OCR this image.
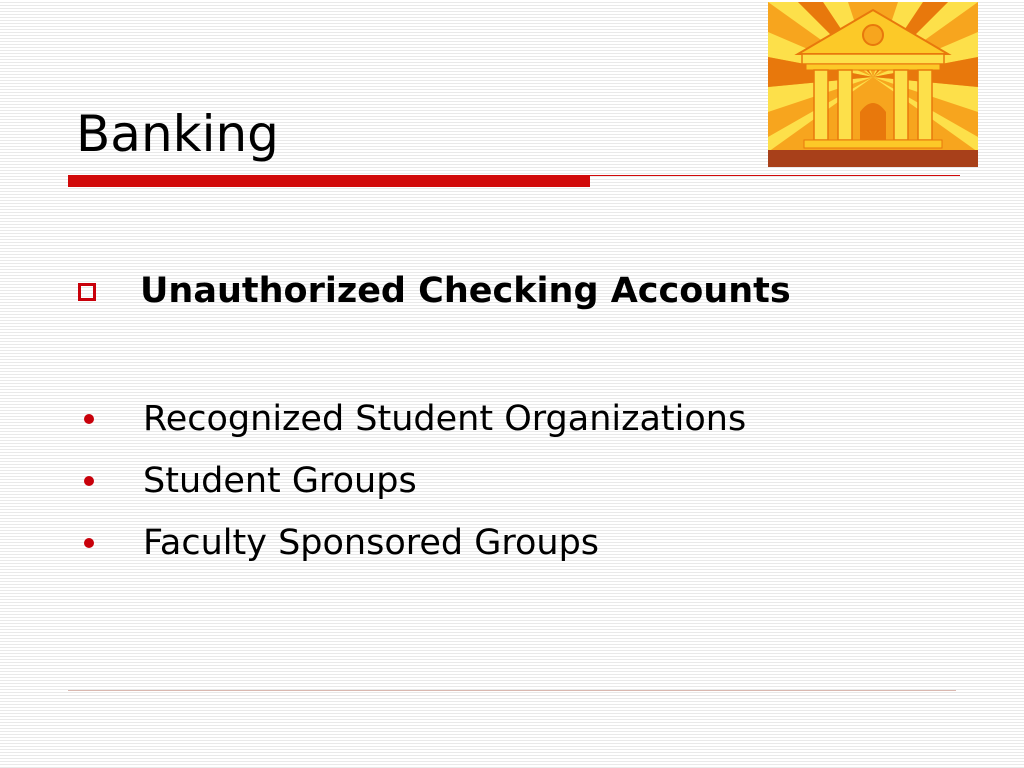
Banking
Unauthorized Checking Accounts
Recognized Student Organizations
Student Groups
Faculty Sponsored Groups
